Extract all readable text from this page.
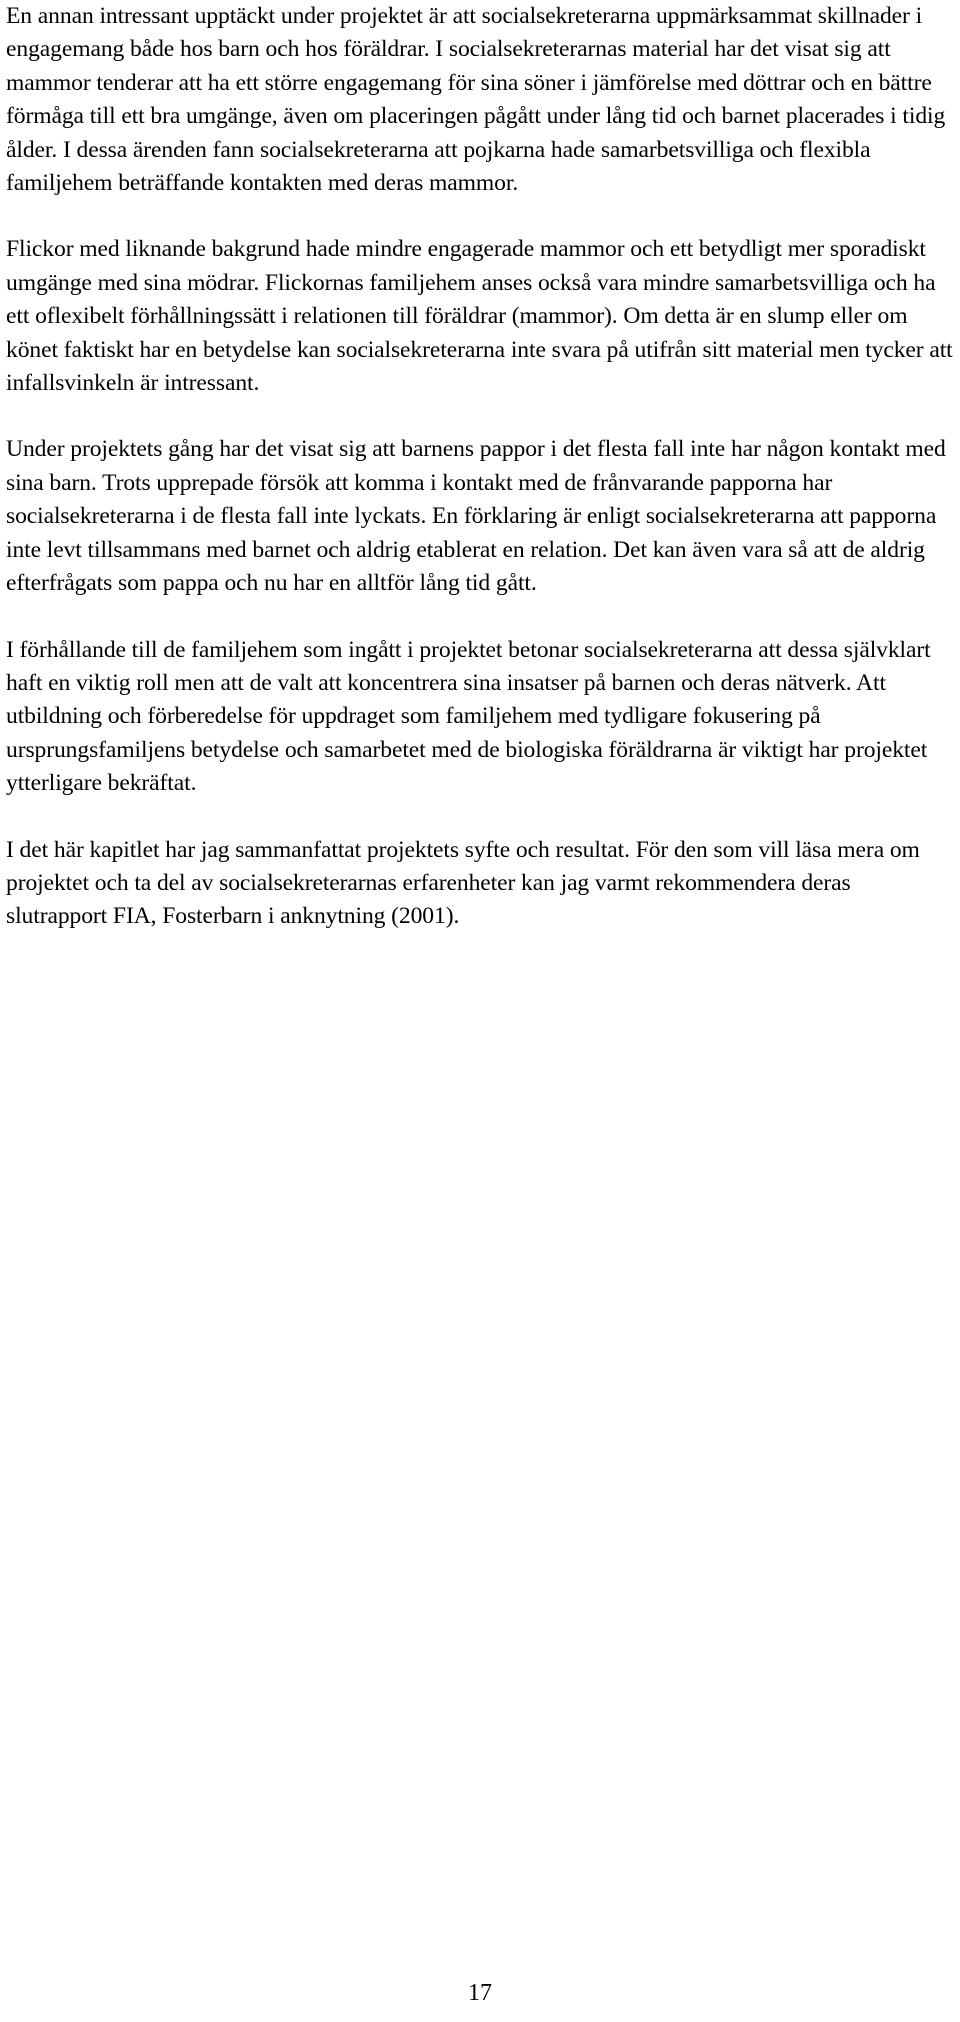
En annan intressant upptäckt under projektet är att socialsekreterarna uppmärksammat skillnader i engagemang både hos barn och hos föräldrar. I socialsekreterarnas material har det visat sig att mammor tenderar att ha ett större engagemang för sina söner i jämförelse med döttrar och en bättre förmåga till ett bra umgänge, även om placeringen pågått under lång tid och barnet placerades i tidig ålder. I dessa ärenden fann socialsekreterarna att pojkarna hade samarbetsvilliga och flexibla familjehem beträffande kontakten med deras mammor.

Flickor med liknande bakgrund hade mindre engagerade mammor och ett betydligt mer sporadiskt umgänge med sina mödrar. Flickornas familjehem anses också vara mindre samarbetsvilliga och ha ett oflexibelt förhållningssätt i relationen till föräldrar (mammor). Om detta är en slump eller om könet faktiskt har en betydelse kan socialsekreterarna inte svara på utifrån sitt material men tycker att infallsvinkeln är intressant.

Under projektets gång har det visat sig att barnens pappor i det flesta fall inte har någon kontakt med sina barn. Trots upprepade försök att komma i kontakt med de frånvarande papporna har socialsekreterarna i de flesta fall inte lyckats. En förklaring är enligt socialsekreterarna att papporna inte levt tillsammans med barnet och aldrig etablerat en relation. Det kan även vara så att de aldrig efterfrågats som pappa och nu har en alltför lång tid gått.

I förhållande till de familjehem som ingått i projektet betonar socialsekreterarna att dessa självklart haft en viktig roll men att de valt att koncentrera sina insatser på barnen och deras nätverk. Att utbildning och förberedelse för uppdraget som familjehem med tydligare fokusering på ursprungsfamiljens betydelse och samarbetet med de biologiska föräldrarna är viktigt har projektet ytterligare bekräftat.

I det här kapitlet har jag sammanfattat projektets syfte och resultat. För den som vill läsa mera om projektet och ta del av socialsekreterarnas erfarenheter kan jag varmt rekommendera deras slutrapport FIA, Fosterbarn i anknytning (2001).

17
